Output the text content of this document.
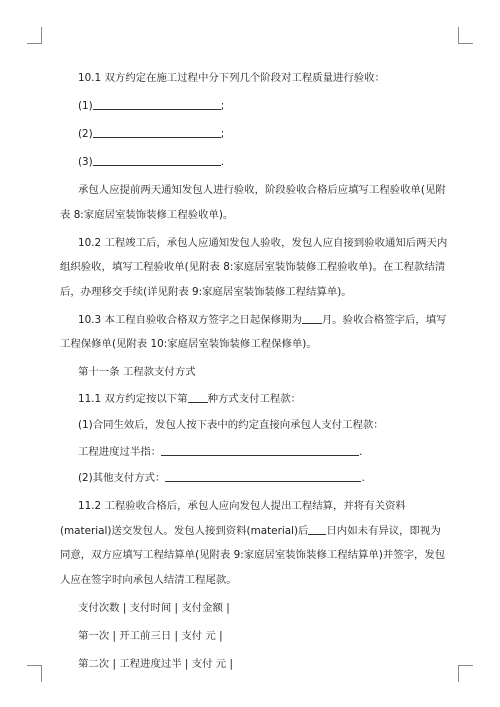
10.1 双方约定在施工过程中分下列几个阶段对工程质量进行验收：

(1)	;

(2)	;

(3)	.

承包人应提前两天通知发包人进行验收，阶段验收合格后应填写工程验收单(见附

表 8:家庭居室装饰装修工程验收单)。

10.2 工程竣工后，承包人应通知发包人验收，发包人应自接到验收通知后两天内

组织验收，填写工程验收单(见附表 8:家庭居室装饰装修工程验收单)。在工程款结清

后，办理移交手续(详见附表 9:家庭居室装饰装修工程结算单)。

10.3 本工程自验收合格双方签字之日起保修期为 月。验收合格签字后，填写

工程保修单(见附表 10:家庭居室装饰装修工程保修单)。

第十一条 工程款支付方式

11.1 双方约定按以下第 种方式支付工程款：

(1)合同生效后，发包人按下表中的约定直接向承包人支付工程款：

工程进度过半指：	.

(2)其他支付方式：	.

11.2 工程验收合格后，承包人应向发包人提出工程结算，并将有关资料

(material)送交发包人。发包人接到资料(material)后 日内如未有异议，即视为

同意，双方应填写工程结算单(见附表 9:家庭居室装饰装修工程结算单)并签字，发包

人应在签字时向承包人结清工程尾款。

支付次数 | 支付时间 | 支付金额 |

第一次 | 开工前三日 | 支付 元 |

第二次 | 工程进度过半 | 支付 元 |
